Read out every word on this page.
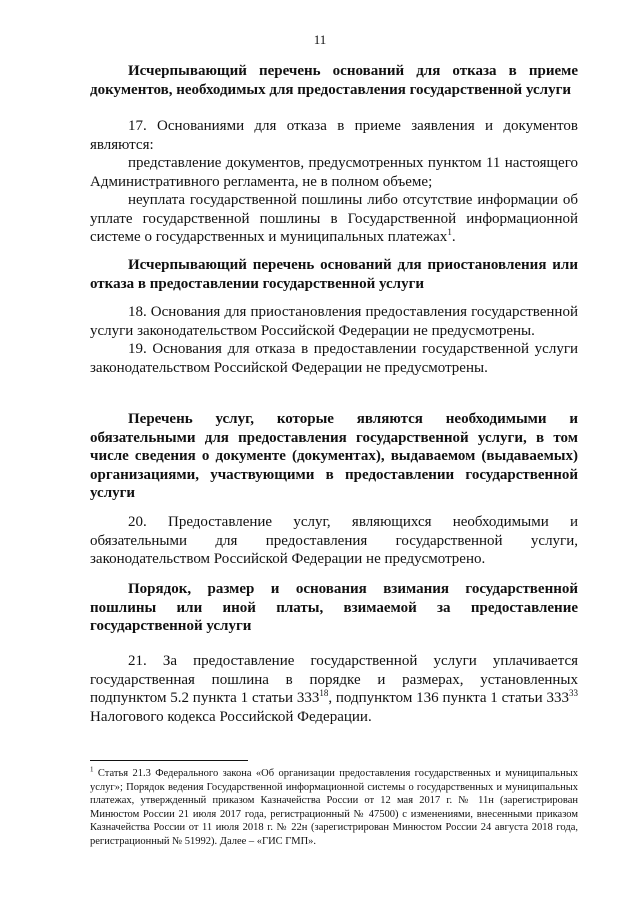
11

Исчерпывающий перечень оснований для отказа в приеме документов, необходимых для предоставления государственной услуги

17. Основаниями для отказа в приеме заявления и документов являются:

представление документов, предусмотренных пунктом 11 настоящего Административного регламента, не в полном объеме;

неуплата государственной пошлины либо отсутствие информации об уплате государственной пошлины в Государственной информационной системе о государственных и муниципальных платежах$^1$.

Исчерпывающий перечень оснований для приостановления или отказа в предоставлении государственной услуги

18. Основания для приостановления предоставления государственной услуги законодательством Российской Федерации не предусмотрены.

19. Основания для отказа в предоставлении государственной услуги законодательством Российской Федерации не предусмотрены.

Перечень услуг, которые являются необходимыми и обязательными для предоставления государственной услуги, в том числе сведения о документе (документах), выдаваемом (выдаваемых) организациями, участвующими в предоставлении государственной услуги

20. Предоставление услуг, являющихся необходимыми и обязательными для предоставления государственной услуги, законодательством Российской Федерации не предусмотрено.

Порядок, размер и основания взимания государственной пошлины или иной платы, взимаемой за предоставление государственной услуги

21. За предоставление государственной услуги уплачивается государственная пошлина в порядке и размерах, установленных подпунктом 5.2 пункта 1 статьи $333^{18}$, подпунктом 136 пункта 1 статьи $333^{33}$ Налогового кодекса Российской Федерации.

$^1$ Статья 21.3 Федерального закона «Об организации предоставления государственных и муниципальных услуг»; Порядок ведения Государственной информационной системы о государственных и муниципальных платежах, утвержденный приказом Казначейства России от 12 мая 2017 г. № 11н (зарегистрирован Минюстом России 21 июля 2017 года, регистрационный № 47500) с изменениями, внесенными приказом Казначейства России от 11 июля 2018 г. № 22н (зарегистрирован Минюстом России 24 августа 2018 года, регистрационный № 51992). Далее – «ГИС ГМП».
